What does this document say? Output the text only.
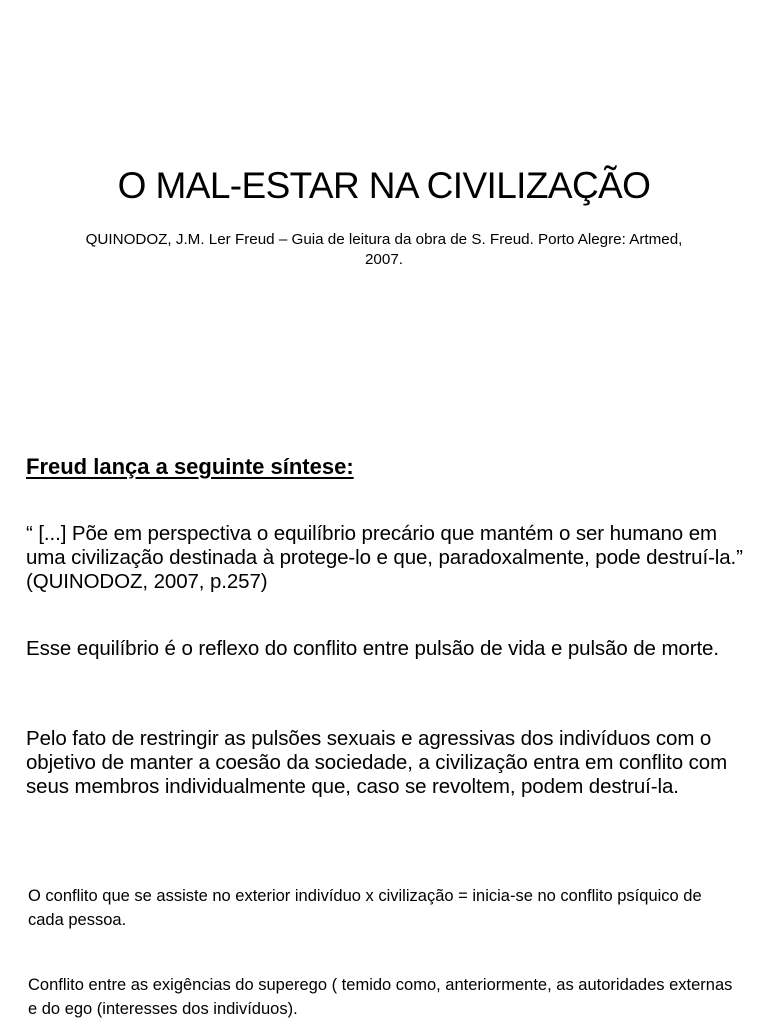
O MAL-ESTAR NA CIVILIZAÇÃO

QUINODOZ, J.M. Ler Freud – Guia de leitura da obra de S. Freud. Porto Alegre: Artmed, 2007.

Freud lança a seguinte síntese:

“ [...] Põe em perspectiva o equilíbrio precário que mantém o ser humano em uma civilização destinada à protege-lo e que, paradoxalmente, pode destruí-la.” (QUINODOZ, 2007, p.257)

Esse equilíbrio é o reflexo do conflito entre pulsão de vida e pulsão de morte.

Pelo fato de restringir as pulsões sexuais e agressivas dos indivíduos com o objetivo de manter a coesão da sociedade, a civilização entra em conflito com seus membros individualmente que, caso se revoltem, podem destruí-la.

O conflito que se assiste no exterior indivíduo x civilização = inicia-se no conflito psíquico de cada pessoa.

Conflito entre as exigências do superego ( temido como, anteriormente, as autoridades externas e do ego (interesses dos indivíduos).
